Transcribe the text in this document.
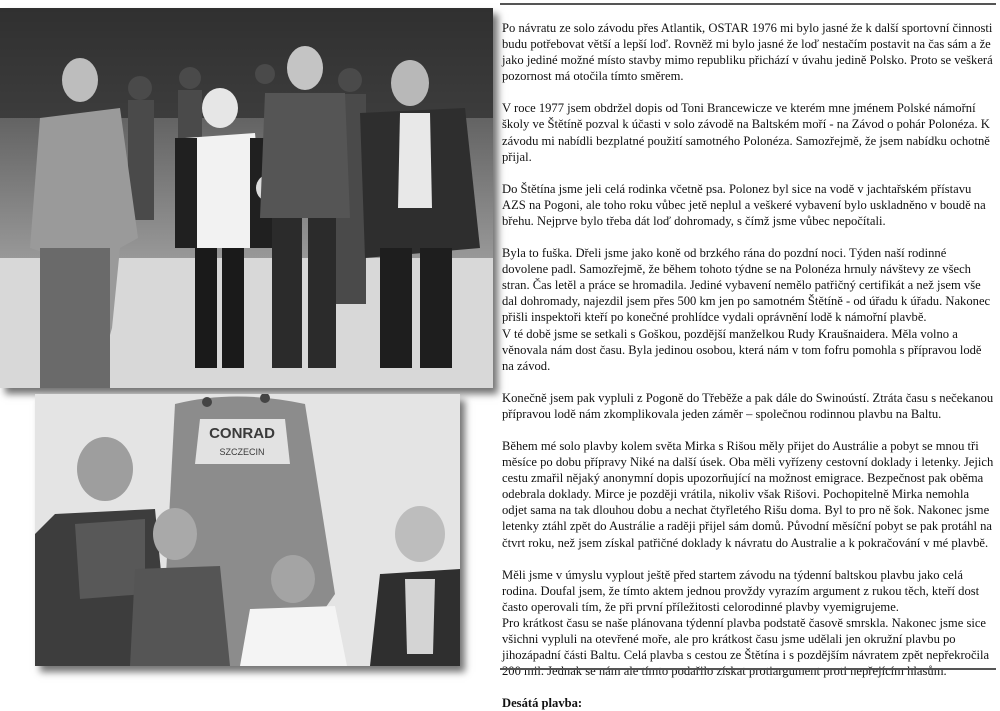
CONRAD
SZCZECIN

Po návratu ze solo závodu přes Atlantik, OSTAR 1976 mi bylo jasné že k další sportovní činnosti budu potřebovat větší a lepší loď. Rovněž mi bylo jasné že loď nestačím postavit na čas sám a že jako jediné možné místo stavby mimo republiku přichází v úvahu jedině Polsko. Proto se veškerá pozornost má otočila tímto směrem.

V roce 1977 jsem obdržel dopis od Toni Brancewicze ve kterém mne jménem Polské námořní školy ve Štětíně pozval k účasti v solo závodě na Baltském moří - na Závod o pohár Polonéza. K závodu mi nabídli bezplatné použití samotného Polonéza. Samozřejmě, že jsem nabídku ochotně přijal.

Do Štětína jsme jeli celá rodinka včetně psa. Polonez byl sice na vodě v jachtařském přístavu AZS na Pogoni, ale toho roku vůbec jetě neplul a veškeré vybavení bylo uskladněno v boudě na břehu. Nejprve bylo třeba dát loď dohromady, s čímž jsme vůbec nepočítali.

Byla to fuška. Dřeli jsme jako koně od brzkého rána do pozdní noci. Týden naší rodinné dovolene padl. Samozřejmě, že během tohoto týdne se na Polonéza hrnuly návštevy ze všech stran. Čas letěl a práce se hromadila. Jediné vybavení nemělo patřičný certifikát a než jsem vše dal dohromady, najezdil jsem přes 500 km jen po samotném Štětíně - od úřadu k úřadu. Nakonec přišli inspektoři kteří po konečné prohlídce vydali oprávnění lodě k námořní plavbě.

V té době jsme se setkali s Goškou, pozdější manželkou Rudy Kraušnaidera. Měla volno a věnovala nám dost času. Byla jedinou osobou, která nám v tom fofru pomohla s přípravou lodě na závod.

Konečně jsem pak vypluli z Pogoně do Třeběže a pak dále do Swinoústí. Ztráta času s nečekanou přípravou lodě nám zkomplikovala jeden záměr – společnou rodinnou plavbu na Baltu.

Během mé solo plavby kolem světa Mirka s Rišou měly přijet do Austrálie a pobyt se mnou tři měsíce po dobu přípravy Niké na další úsek. Oba měli vyřízeny cestovní doklady i letenky. Jejich cestu zmařil nějaký anonymní dopis upozorňující na možnost emigrace. Bezpečnost pak oběma odebrala doklady. Mirce je později vrátila, nikoliv však Rišovi. Pochopitelně Mirka nemohla odjet sama na tak dlouhou dobu a nechat čtyřletého Rišu doma. Byl to pro ně šok. Nakonec jsme letenky ztáhl zpět do Austrálie a raději přijel sám domů. Původní měsíční pobyt se pak protáhl na čtvrt roku, než jsem získal patřičné doklady k návratu do Australie a k pokračování v mé plavbě.

Měli jsme v úmyslu vyplout ještě před startem závodu na týdenní baltskou plavbu jako celá rodina. Doufal jsem, že tímto aktem jednou provždy vyrazím argument z rukou těch, kteří dost často operovali tím, že při první příležitosti celorodinné plavby vyemigrujeme.

Pro krátkost času se naše plánovana týdenní plavba podstatě časově smrskla. Nakonec jsme sice všichni vypluli na otevřené moře, ale pro krátkost času jsme udělali jen okružní plavbu po jihozápadní části Baltu. Celá plavba s cestou ze Štětína i s pozdějším návratem zpět nepřekročila 200 mil. Jednak se nám ale tímto podařilo získat protiargument proti nepřejícím hlasům.

Desátá plavba:
